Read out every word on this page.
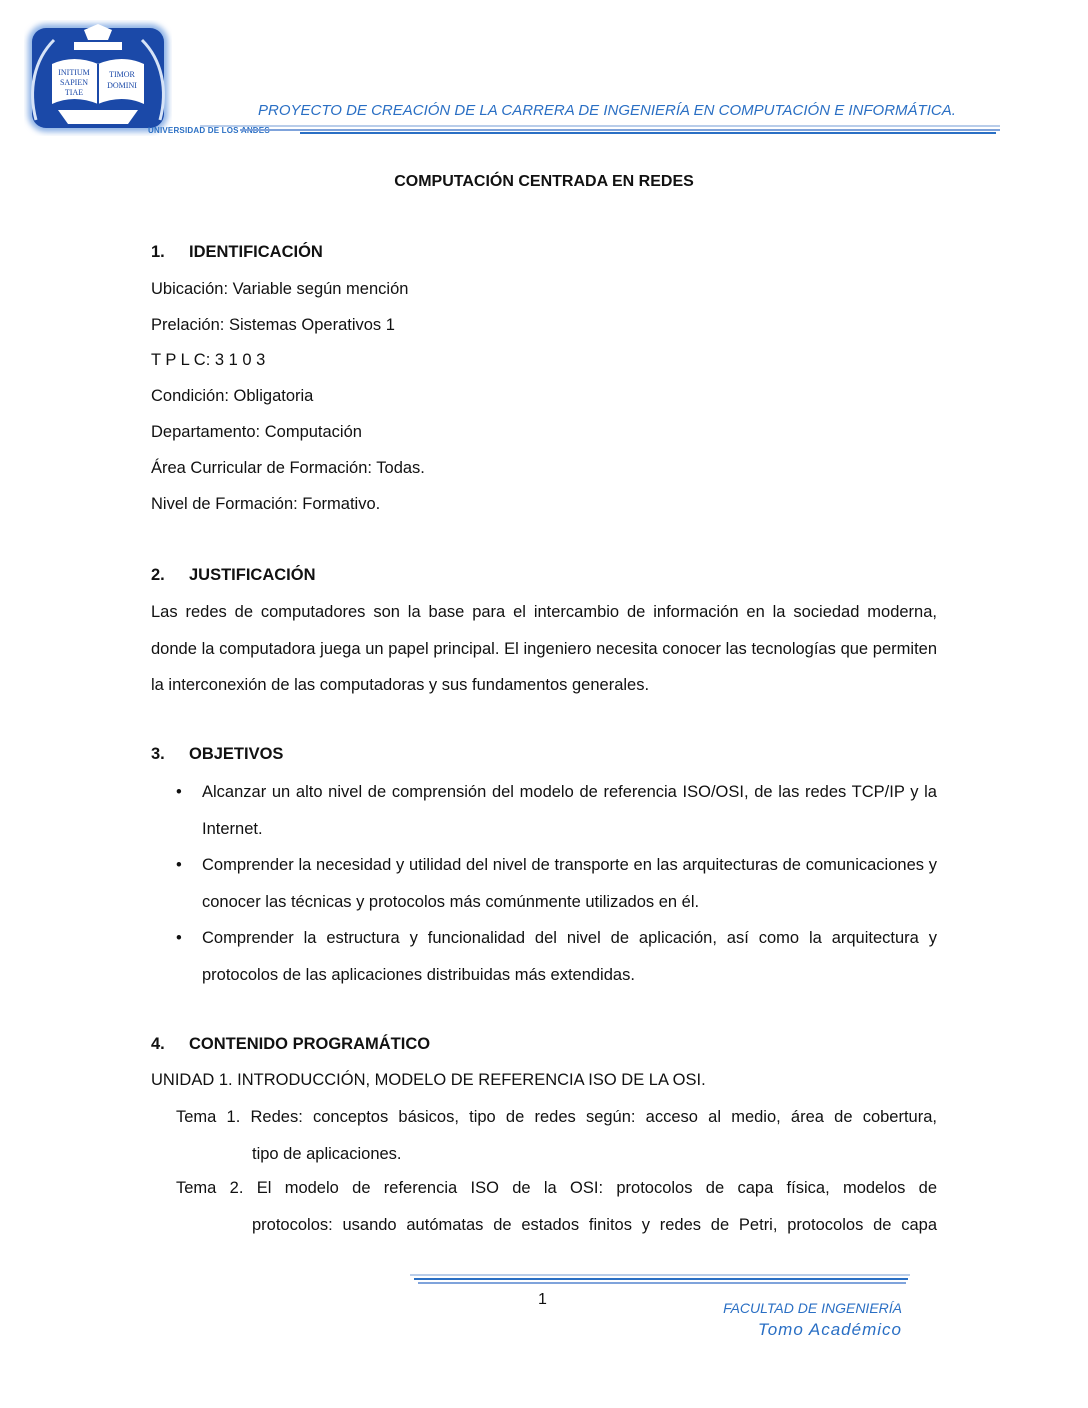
INITIUM
SAPIEN
TIAE
TIMOR
DOMINI
UNIVERSIDAD DE LOS ANDES
PROYECTO DE CREACIÓN DE LA CARRERA DE INGENIERÍA EN COMPUTACIÓN E INFORMÁTICA.
COMPUTACIÓN CENTRADA EN REDES
1. IDENTIFICACIÓN
Ubicación: Variable según mención
Prelación: Sistemas Operativos 1
T P L C: 3 1 0 3
Condición: Obligatoria
Departamento: Computación
Área Curricular de Formación: Todas.
Nivel de Formación: Formativo.
2. JUSTIFICACIÓN

Las redes de computadores son la base para el intercambio de información en la sociedad moderna, donde la computadora juega un papel principal. El ingeniero necesita conocer las tecnologías que permiten la interconexión de las computadoras y sus fundamentos generales.

3. OBJETIVOS
• Alcanzar un alto nivel de comprensión del modelo de referencia ISO/OSI, de las redes TCP/IP y la Internet.

• Comprender la necesidad y utilidad del nivel de transporte en las arquitecturas de comunicaciones y conocer las técnicas y protocolos más comúnmente utilizados en él.

• Comprender la estructura y funcionalidad del nivel de aplicación, así como la arquitectura y protocolos de las aplicaciones distribuidas más extendidas.

4. CONTENIDO PROGRAMÁTICO
UNIDAD 1. INTRODUCCIÓN, MODELO DE REFERENCIA ISO DE LA OSI.

Tema 1. Redes: conceptos básicos, tipo de redes según: acceso al medio, área de cobertura,

tipo de aplicaciones.

Tema 2. El modelo de referencia ISO de la OSI: protocolos de capa física, modelos de

protocolos: usando autómatas de estados finitos y redes de Petri, protocolos de capa

1	FACULTAD DE INGENIERÍA
Tomo Académico
